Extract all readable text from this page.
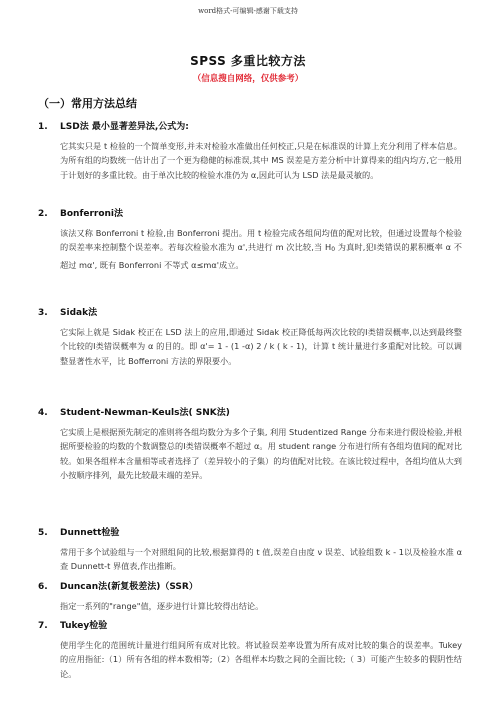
word格式-可编辑-感谢下载支持
SPSS 多重比较方法
（信息搜自网络，仅供参考）
（一）常用方法总结
1. LSD法 最小显著差异法,公式为:
它其实只是 t 检验的一个简单变形,并未对检验水准做出任何校正,只是在标准误的计算上充分利用了样本信息。为所有组的均数统一估计出了一个更为稳健的标准误,其中 MS 误差是方差分析中计算得来的组内均方,它一般用于计划好的多重比较。由于单次比较的检验水准仍为 α,因此可认为 LSD 法是最灵敏的。
2. Bonferroni法
该法又称 Bonferroni t 检验,由 Bonferroni 提出。用 t 检验完成各组间均值的配对比较，但通过设置每个检验的误差率来控制整个误差率。若每次检验水准为 α',共进行 m 次比较,当 $H_0$ 为真时,犯Ⅰ类错误的累积概率 α 不超过 mα', 既有 Bonferroni 不等式 α≤mα'成立。
3. Sidak法
它实际上就是 Sidak 校正在 LSD 法上的应用,即通过 Sidak 校正降低每两次比较的Ⅰ类错误概率,以达到最终整个比较的Ⅰ类错误概率为 α 的目的。即 α'= 1 - (1 -α) 2 / k ( k - 1)，计算 t 统计量进行多重配对比较。可以调整显著性水平，比 Bofferroni 方法的界限要小。
4. Student-Newman-Keuls法( SNK法)
它实质上是根据预先制定的准则将各组均数分为多个子集, 利用 Studentized Range 分布来进行假设检验,并根据所要检验的均数的个数调整总的Ⅰ类错误概率不超过 α。用 student range 分布进行所有各组均值间的配对比较。如果各组样本含量相等或者选择了（差异较小的子集）的均值配对比较。在该比较过程中，各组均值从大到小按顺序排列，最先比较最末端的差异。
5. Dunnett检验
常用于多个试验组与一个对照组间的比较,根据算得的 t 值,误差自由度 ν 误差、试验组数 k - 1以及检验水准 α 查 Dunnett-t 界值表,作出推断。
6. Duncan法(新复极差法)（SSR）
指定一系列的"range"值，逐步进行计算比较得出结论。
7. Tukey检验
使用学生化的范围统计量进行组间所有成对比较。将试验误差率设置为所有成对比较的集合的误差率。Tukey 的应用指征:（1）所有各组的样本数相等;（2）各组样本均数之间的全面比较;（ 3）可能产生较多的假阴性结论。
